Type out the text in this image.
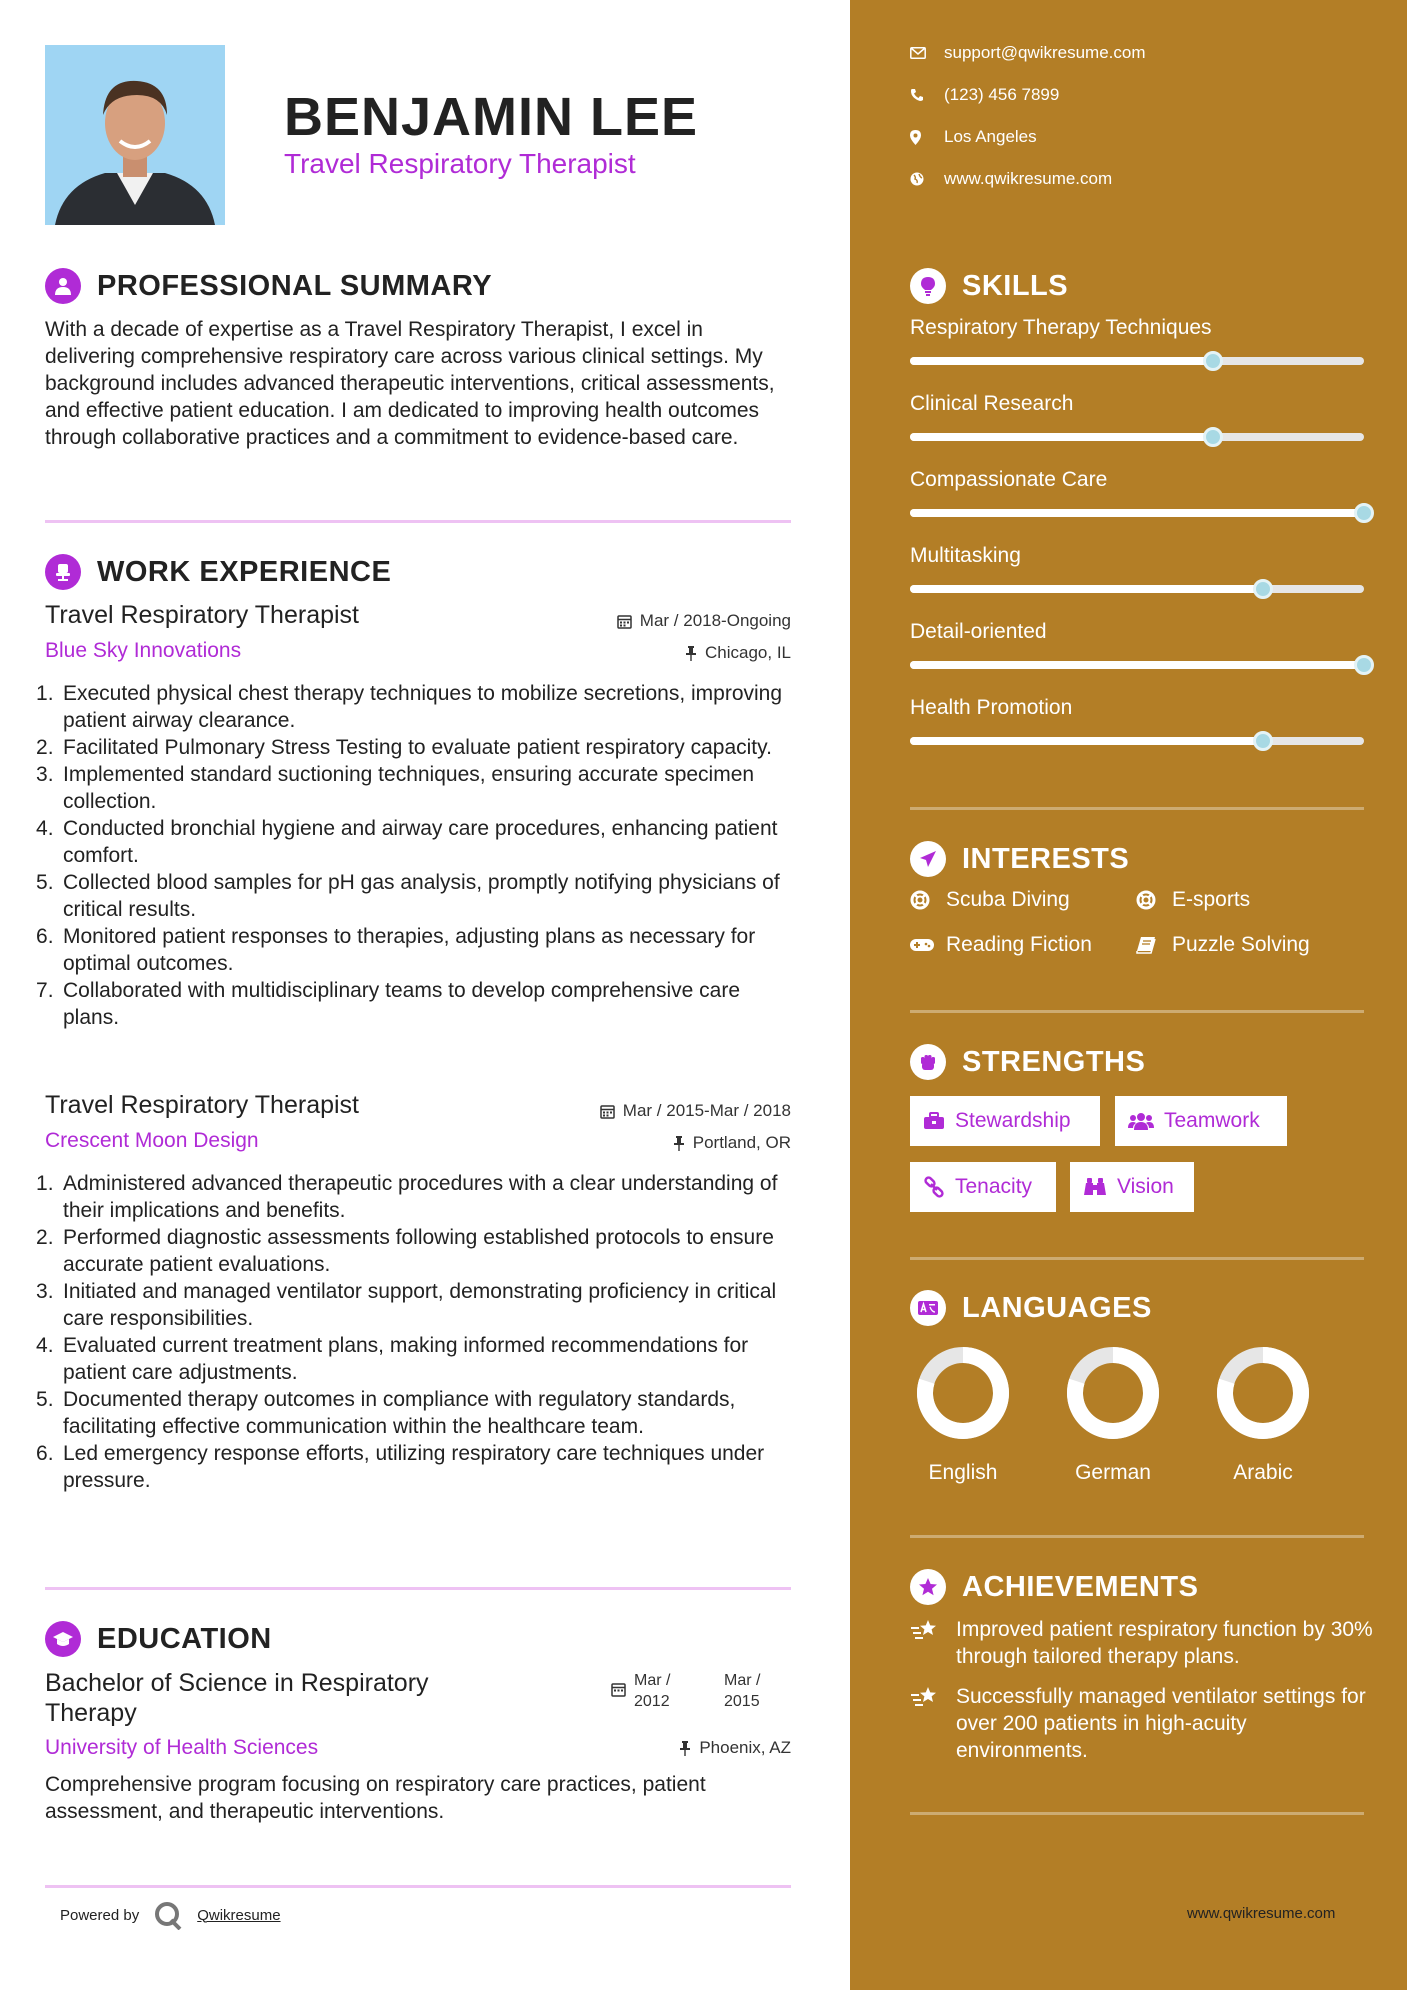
BENJAMIN LEE
Travel Respiratory Therapist
PROFESSIONAL SUMMARY
With a decade of expertise as a Travel Respiratory Therapist, I excel in delivering comprehensive respiratory care across various clinical settings. My background includes advanced therapeutic interventions, critical assessments, and effective patient education. I am dedicated to improving health outcomes through collaborative practices and a commitment to evidence-based care.
WORK EXPERIENCE
Travel Respiratory Therapist	Mar / 2018-Ongoing
Blue Sky Innovations	Chicago, IL
Executed physical chest therapy techniques to mobilize secretions, improving patient airway clearance.
Facilitated Pulmonary Stress Testing to evaluate patient respiratory capacity.
Implemented standard suctioning techniques, ensuring accurate specimen collection.
Conducted bronchial hygiene and airway care procedures, enhancing patient comfort.
Collected blood samples for pH gas analysis, promptly notifying physicians of critical results.
Monitored patient responses to therapies, adjusting plans as necessary for optimal outcomes.
Collaborated with multidisciplinary teams to develop comprehensive care plans.
Travel Respiratory Therapist	Mar / 2015-Mar / 2018
Crescent Moon Design	Portland, OR
Administered advanced therapeutic procedures with a clear understanding of their implications and benefits.
Performed diagnostic assessments following established protocols to ensure accurate patient evaluations.
Initiated and managed ventilator support, demonstrating proficiency in critical care responsibilities.
Evaluated current treatment plans, making informed recommendations for patient care adjustments.
Documented therapy outcomes in compliance with regulatory standards, facilitating effective communication within the healthcare team.
Led emergency response efforts, utilizing respiratory care techniques under pressure.
EDUCATION
Bachelor of Science in Respiratory Therapy
Mar / 2012
Mar / 2015
University of Health Sciences	Phoenix, AZ
Comprehensive program focusing on respiratory care practices, patient assessment, and therapeutic interventions.
Powered by	Qwikresume
support@qwikresume.com
(123) 456 7899
Los Angeles
www.qwikresume.com
SKILLS
Respiratory Therapy Techniques
Clinical Research
Compassionate Care
Multitasking
Detail-oriented
Health Promotion
INTERESTS
Scuba Diving	E-sports
Reading Fiction	Puzzle Solving
STRENGTHS
Stewardship	Teamwork
Tenacity	Vision
LANGUAGES
English	German	Arabic
ACHIEVEMENTS
Improved patient respiratory function by 30% through tailored therapy plans.
Successfully managed ventilator settings for over 200 patients in high-acuity environments.
www.qwikresume.com
